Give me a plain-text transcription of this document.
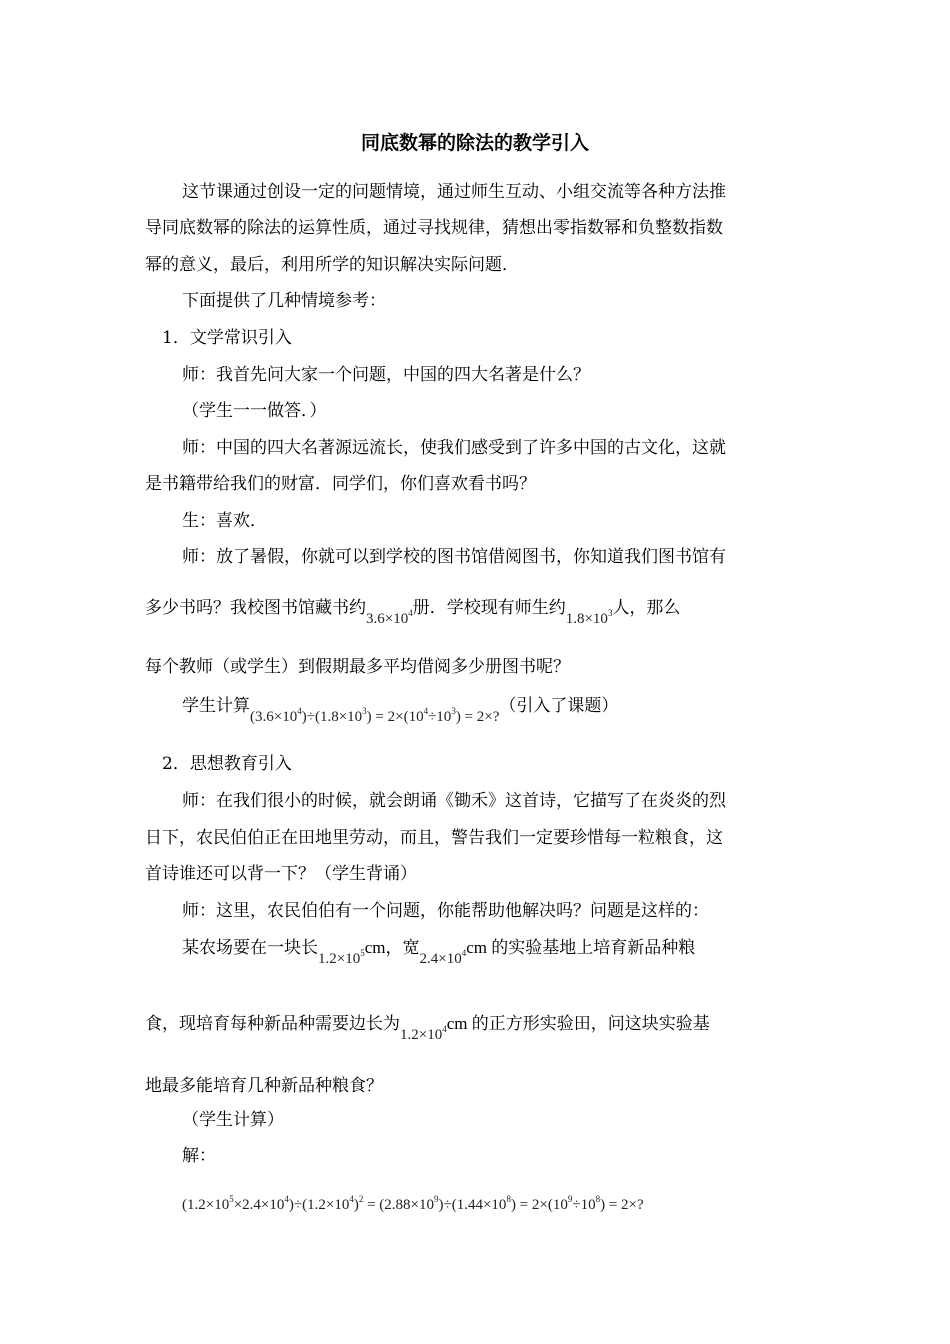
同底数幂的除法的教学引入
这节课通过创设一定的问题情境，通过师生互动、小组交流等各种方法推
导同底数幂的除法的运算性质，通过寻找规律，猜想出零指数幂和负整数指数
幂的意义，最后，利用所学的知识解决实际问题．
下面提供了几种情境参考：
1．文学常识引入
师：我首先问大家一个问题，中国的四大名著是什么？
（学生一一做答．）
师：中国的四大名著源远流长，使我们感受到了许多中国的古文化，这就
是书籍带给我们的财富．同学们，你们喜欢看书吗？
生：喜欢．
师：放了暑假，你就可以到学校的图书馆借阅图书，你知道我们图书馆有
多少书吗？我校图书馆藏书约$3.6\times 10^4$册．学校现有师生约$1.8\times 10^3$人，那么
每个教师（或学生）到假期最多平均借阅多少册图书呢？
学生计算$(3.6\times 10^4)\div(1.8\times 10^3) = 2\times(10^4\div 10^3)$ = 2×?（引入了课题）
2．思想教育引入
师：在我们很小的时候，就会朗诵《锄禾》这首诗，它描写了在炎炎的烈
日下，农民伯伯正在田地里劳动，而且，警告我们一定要珍惜每一粒粮食，这
首诗谁还可以背一下？（学生背诵）
师：这里，农民伯伯有一个问题，你能帮助他解决吗？问题是这样的：
某农场要在一块长$1.2\times 10^5cm$，宽$2.4\times 10^4cm$ 的实验基地上培育新品种粮
食，现培育每种新品种需要边长为$1.2\times 10^4cm$ 的正方形实验田，问这块实验基
地最多能培育几种新品种粮食？
（学生计算）
解：
$(1.2\times 10^5\times 2.4\times 10^4)\div(1.2\times 10^4)^2 = (2.88\times 10^9)\div(1.44\times 10^8) = 2\times(10^9\div 10^8) = 2\times$?
